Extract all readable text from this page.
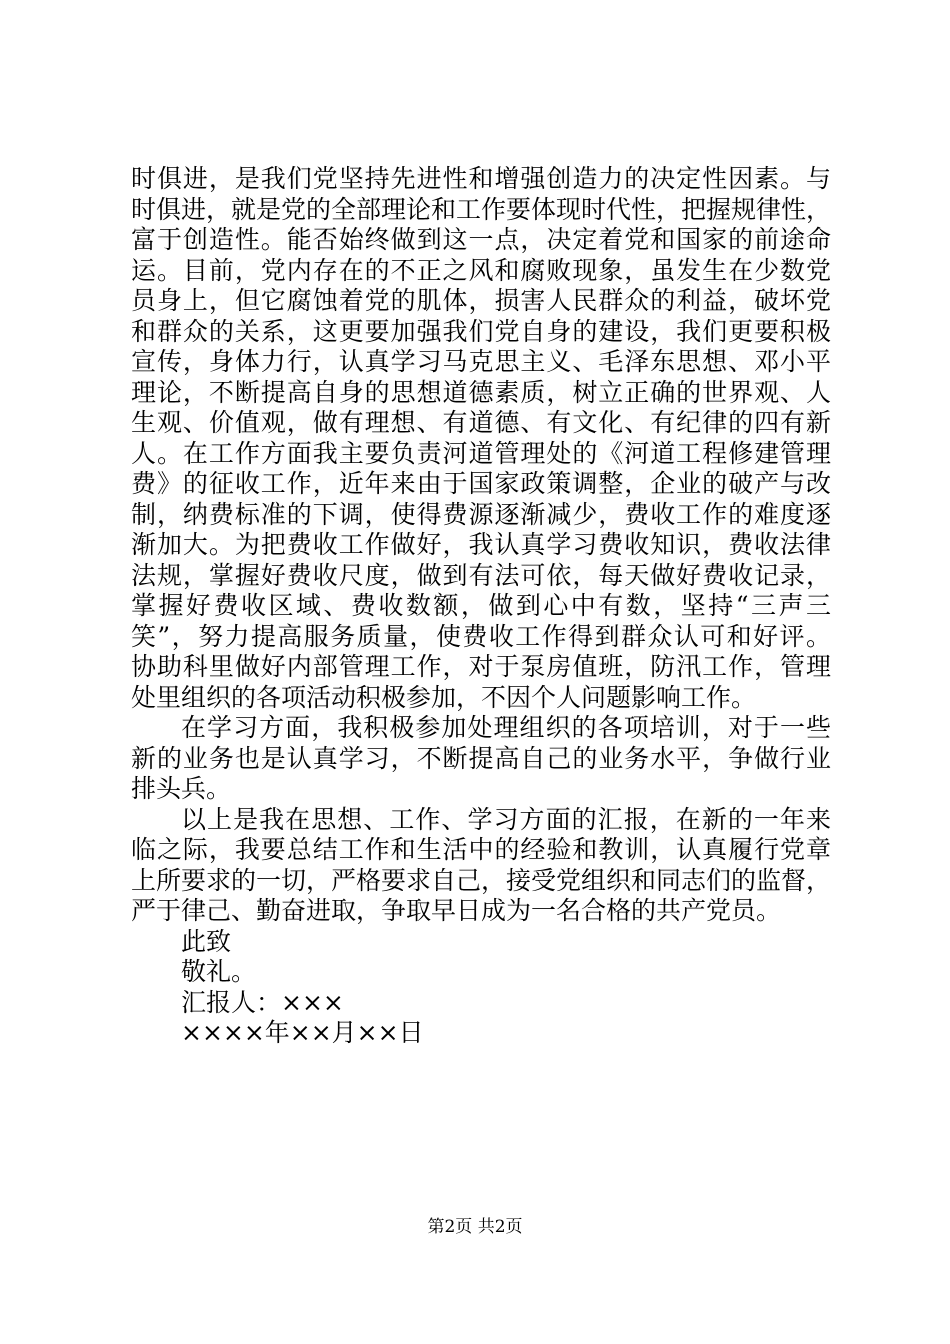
时俱进，是我们党坚持先进性和增强创造力的决定性因素。与
时俱进，就是党的全部理论和工作要体现时代性，把握规律性，
富于创造性。能否始终做到这一点，决定着党和国家的前途命
运。目前，党内存在的不正之风和腐败现象，虽发生在少数党
员身上，但它腐蚀着党的肌体，损害人民群众的利益，破坏党
和群众的关系，这更要加强我们党自身的建设，我们更要积极
宣传，身体力行，认真学习马克思主义、毛泽东思想、邓小平
理论，不断提高自身的思想道德素质，树立正确的世界观、人
生观、价值观，做有理想、有道德、有文化、有纪律的四有新
人。在工作方面我主要负责河道管理处的《河道工程修建管理
费》的征收工作，近年来由于国家政策调整，企业的破产与改
制，纳费标准的下调，使得费源逐渐减少，费收工作的难度逐
渐加大。为把费收工作做好，我认真学习费收知识，费收法律
法规，掌握好费收尺度，做到有法可依，每天做好费收记录，
掌握好费收区域、费收数额，做到心中有数，坚持“三声三
笑”，努力提高服务质量，使费收工作得到群众认可和好评。
协助科里做好内部管理工作，对于泵房值班，防汛工作，管理
处里组织的各项活动积极参加，不因个人问题影响工作。
在学习方面，我积极参加处理组织的各项培训，对于一些
新的业务也是认真学习，不断提高自己的业务水平，争做行业
排头兵。
以上是我在思想、工作、学习方面的汇报，在新的一年来
临之际，我要总结工作和生活中的经验和教训，认真履行党章
上所要求的一切，严格要求自己，接受党组织和同志们的监督，
严于律己、勤奋进取，争取早日成为一名合格的共产党员。
此致
敬礼。
汇报人：×××
××××年××月××日
第2页 共2页
